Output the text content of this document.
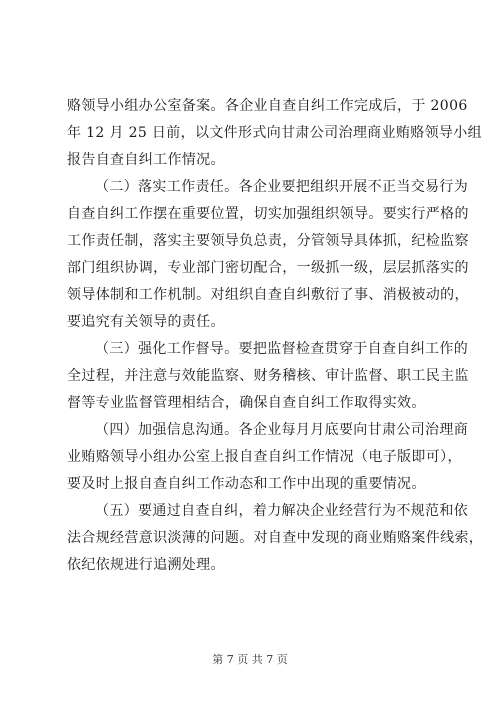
赂领导小组办公室备案。各企业自查自纠工作完成后，于 2006
年 12 月 25 日前，以文件形式向甘肃公司治理商业贿赂领导小组
报告自查自纠工作情况。
（二）落实工作责任。各企业要把组织开展不正当交易行为
自查自纠工作摆在重要位置，切实加强组织领导。要实行严格的
工作责任制，落实主要领导负总责，分管领导具体抓，纪检监察
部门组织协调，专业部门密切配合，一级抓一级，层层抓落实的
领导体制和工作机制。对组织自查自纠敷衍了事、消极被动的，
要追究有关领导的责任。
（三）强化工作督导。要把监督检查贯穿于自查自纠工作的
全过程，并注意与效能监察、财务稽核、审计监督、职工民主监
督等专业监督管理相结合，确保自查自纠工作取得实效。
（四）加强信息沟通。各企业每月月底要向甘肃公司治理商
业贿赂领导小组办公室上报自查自纠工作情况（电子版即可），
要及时上报自查自纠工作动态和工作中出现的重要情况。
（五）要通过自查自纠，着力解决企业经营行为不规范和依
法合规经营意识淡薄的问题。对自查中发现的商业贿赂案件线索，
依纪依规进行追溯处理。
第 7 页 共 7 页
